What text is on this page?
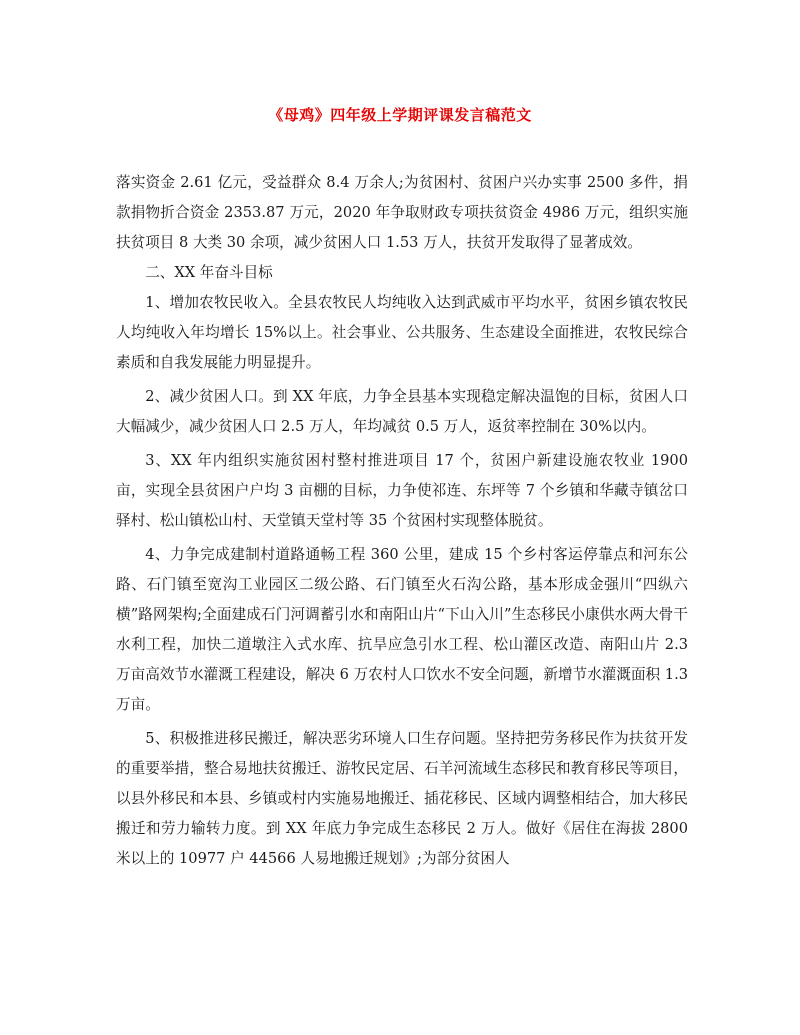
《母鸡》四年级上学期评课发言稿范文

落实资金 2.61 亿元，受益群众 8.4 万余人;为贫困村、贫困户兴办实事 2500 多件，捐款捐物折合资金 2353.87 万元，2020 年争取财政专项扶贫资金 4986 万元，组织实施扶贫项目 8 大类 30 余项，减少贫困人口 1.53 万人，扶贫开发取得了显著成效。

二、XX 年奋斗目标

1、增加农牧民收入。全县农牧民人均纯收入达到武威市平均水平，贫困乡镇农牧民人均纯收入年均增长 15%以上。社会事业、公共服务、生态建设全面推进，农牧民综合素质和自我发展能力明显提升。

2、减少贫困人口。到 XX 年底，力争全县基本实现稳定解决温饱的目标，贫困人口大幅减少，减少贫困人口 2.5 万人，年均减贫 0.5 万人，返贫率控制在 30%以内。

3、XX 年内组织实施贫困村整村推进项目 17 个，贫困户新建设施农牧业 1900 亩，实现全县贫困户户均 3 亩棚的目标，力争使祁连、东坪等 7 个乡镇和华藏寺镇岔口驿村、松山镇松山村、天堂镇天堂村等 35 个贫困村实现整体脱贫。

4、力争完成建制村道路通畅工程 360 公里，建成 15 个乡村客运停靠点和河东公路、石门镇至宽沟工业园区二级公路、石门镇至火石沟公路，基本形成金强川“四纵六横”路网架构;全面建成石门河调蓄引水和南阳山片“下山入川”生态移民小康供水两大骨干水利工程，加快二道墩注入式水库、抗旱应急引水工程、松山灌区改造、南阳山片 2.3 万亩高效节水灌溉工程建设，解决 6 万农村人口饮水不安全问题，新增节水灌溉面积 1.3 万亩。

5、积极推进移民搬迁，解决恶劣环境人口生存问题。坚持把劳务移民作为扶贫开发的重要举措，整合易地扶贫搬迁、游牧民定居、石羊河流域生态移民和教育移民等项目，以县外移民和本县、乡镇或村内实施易地搬迁、插花移民、区域内调整相结合，加大移民搬迁和劳力输转力度。到 XX 年底力争完成生态移民 2 万人。做好《居住在海拔 2800 米以上的 10977 户 44566 人易地搬迁规划》;为部分贫困人
